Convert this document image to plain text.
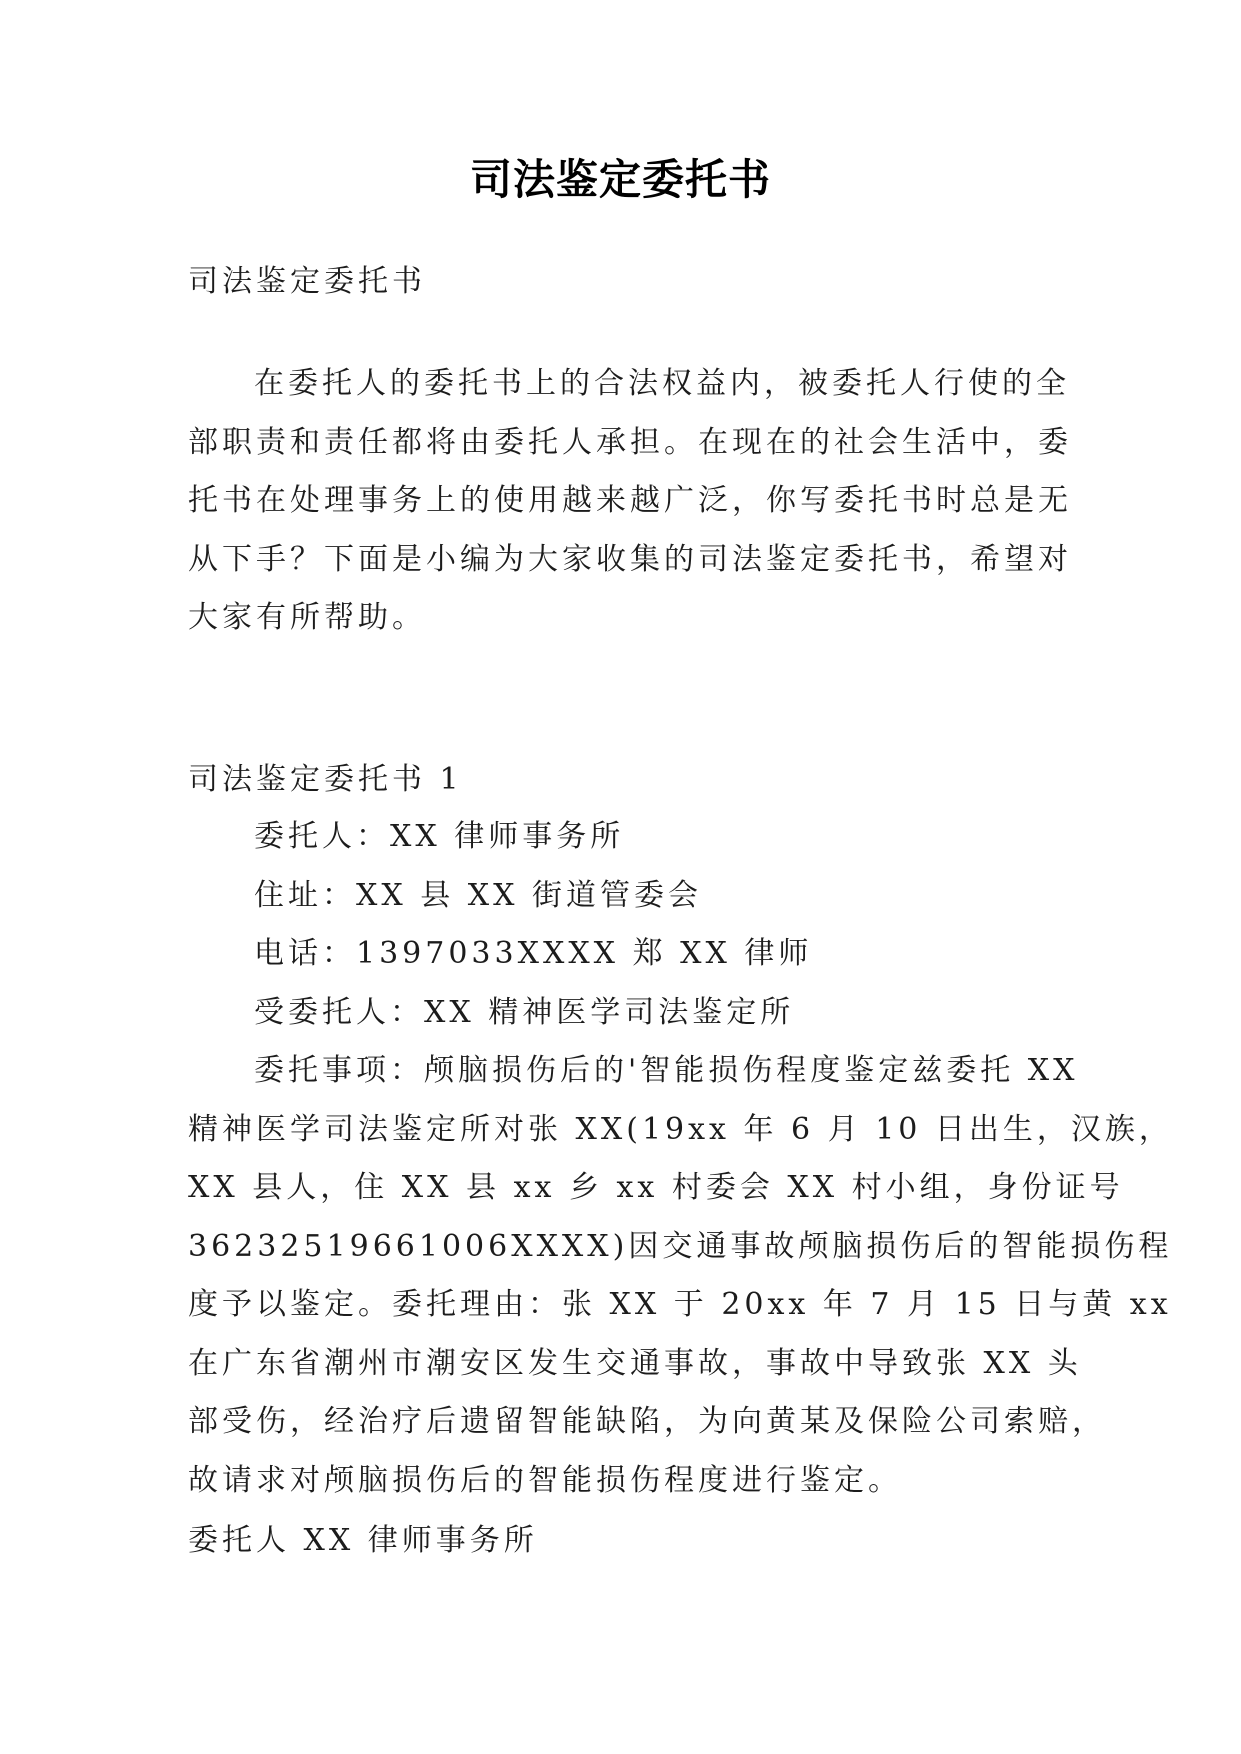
司法鉴定委托书
司法鉴定委托书
在委托人的委托书上的合法权益内，被委托人行使的全
部职责和责任都将由委托人承担。在现在的社会生活中，委
托书在处理事务上的使用越来越广泛，你写委托书时总是无
从下手？下面是小编为大家收集的司法鉴定委托书，希望对
大家有所帮助。
司法鉴定委托书 1
委托人：XX 律师事务所
住址：XX 县 XX 街道管委会
电话：1397033XXXX 郑 XX 律师
受委托人：XX 精神医学司法鉴定所
委托事项：颅脑损伤后的'智能损伤程度鉴定兹委托 XX
精神医学司法鉴定所对张 XX(19xx 年 6 月 10 日出生，汉族，
XX 县人，住 XX 县 xx 乡 xx 村委会 XX 村小组，身份证号
36232519661006XXXX)因交通事故颅脑损伤后的智能损伤程
度予以鉴定。委托理由：张 XX 于 20xx 年 7 月 15 日与黄 xx
在广东省潮州市潮安区发生交通事故，事故中导致张 XX 头
部受伤，经治疗后遗留智能缺陷，为向黄某及保险公司索赔，
故请求对颅脑损伤后的智能损伤程度进行鉴定。
委托人 XX 律师事务所
